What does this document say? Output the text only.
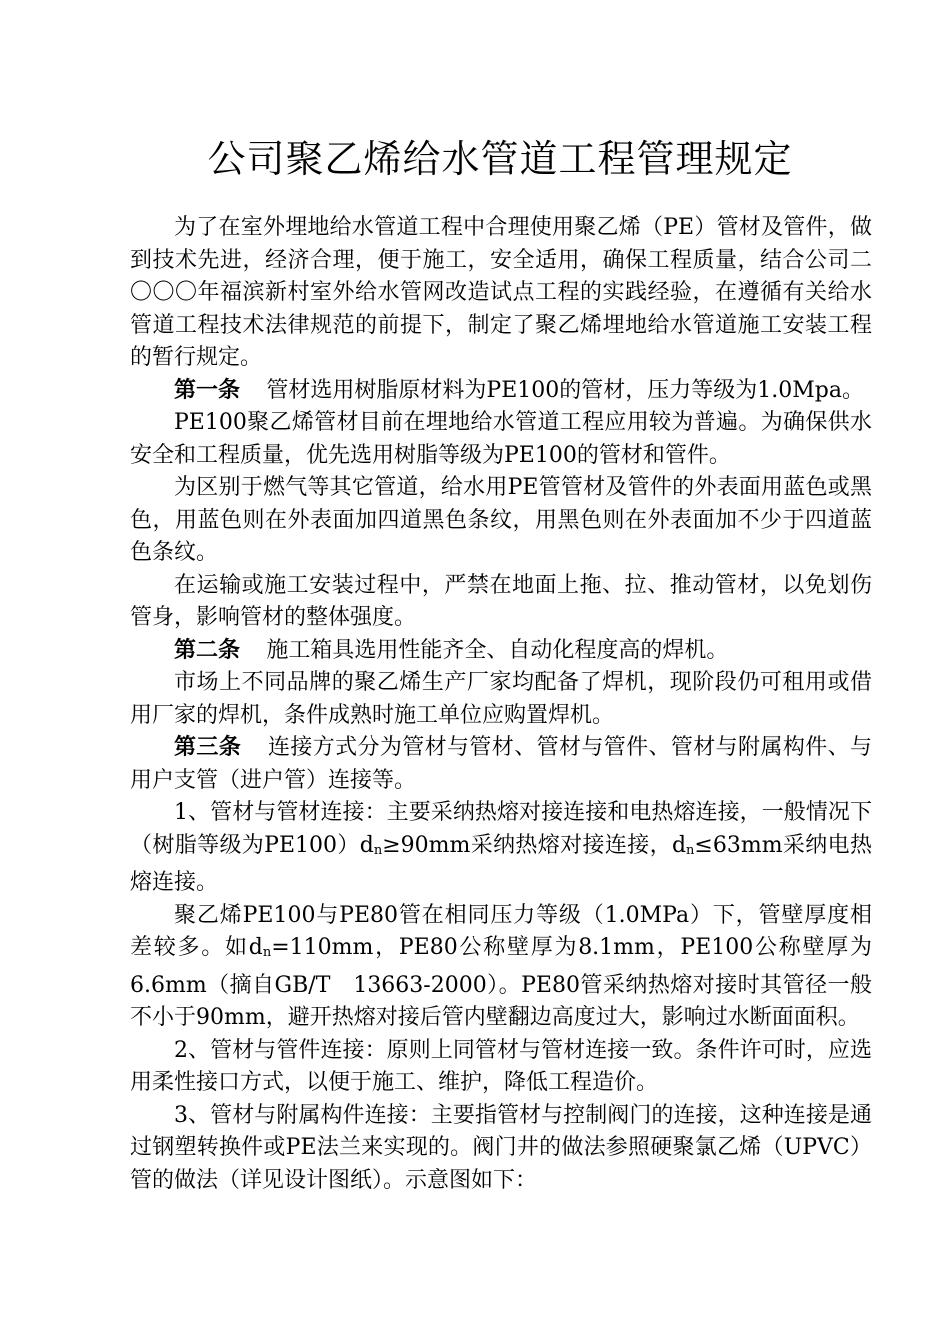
公司聚乙烯给水管道工程管理规定

为了在室外埋地给水管道工程中合理使用聚乙烯（PE）管材及管件，做到技术先进，经济合理，便于施工，安全适用，确保工程质量，结合公司二〇〇〇年福滨新村室外给水管网改造试点工程的实践经验，在遵循有关给水管道工程技术法律规范的前提下，制定了聚乙烯埋地给水管道施工安装工程的暂行规定。

第一条 管材选用树脂原材料为PE100的管材，压力等级为1.0Mpa。

PE100聚乙烯管材目前在埋地给水管道工程应用较为普遍。为确保供水安全和工程质量，优先选用树脂等级为PE100的管材和管件。

为区别于燃气等其它管道，给水用PE管管材及管件的外表面用蓝色或黑色，用蓝色则在外表面加四道黑色条纹，用黑色则在外表面加不少于四道蓝色条纹。

在运输或施工安装过程中，严禁在地面上拖、拉、推动管材，以免划伤管身，影响管材的整体强度。

第二条 施工箱具选用性能齐全、自动化程度高的焊机。

市场上不同品牌的聚乙烯生产厂家均配备了焊机，现阶段仍可租用或借用厂家的焊机，条件成熟时施工单位应购置焊机。

第三条 连接方式分为管材与管材、管材与管件、管材与附属构件、与用户支管（进户管）连接等。

1、管材与管材连接：主要采纳热熔对接连接和电热熔连接，一般情况下（树脂等级为$PE100)d_n\ge 90mm$采纳热熔对接连接，$d_n\le 63mm$采纳电热熔连接。

聚乙烯PE100与PE80管在相同压力等级（1.0MPa）下，管壁厚度相差较多。如$d_n=110mm$，PE80公称壁厚为8.1mm，PE100公称壁厚为6.6mm（摘自GB/T　13663-2000）。PE80管采纳热熔对接时其管径一般不小于90mm，避开热熔对接后管内壁翻边高度过大，影响过水断面面积。

2、管材与管件连接：原则上同管材与管材连接一致。条件许可时，应选用柔性接口方式，以便于施工、维护，降低工程造价。

3、管材与附属构件连接：主要指管材与控制阀门的连接，这种连接是通过钢塑转换件或PE法兰来实现的。阀门井的做法参照硬聚氯乙烯（UPVC）管的做法（详见设计图纸）。示意图如下：
